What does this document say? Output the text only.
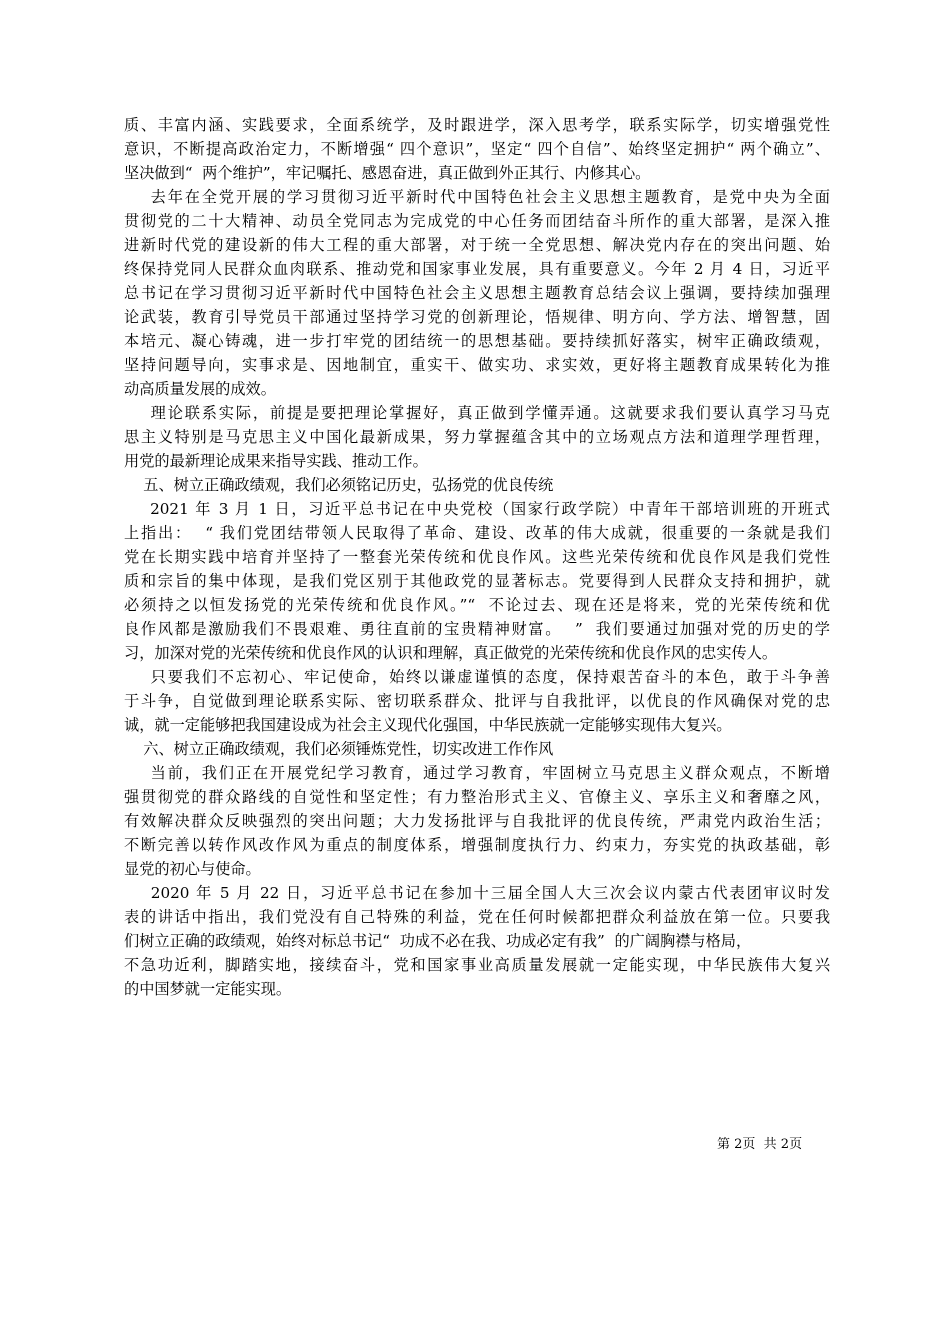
质、丰富内涵、实践要求，全面系统学，及时跟进学，深入思考学，联系实际学，切实增强党性
意识，不断提高政治定力，不断增强“ 四个意识”，坚定“ 四个自信”、始终坚定拥护“ 两个确立”、
坚决做到“  两个维护”，牢记嘱托、感恩奋进，真正做到外正其行、内修其心。
去年在全党开展的学习贯彻习近平新时代中国特色社会主义思想主题教育，是党中央为全面
贯彻党的二十大精神、动员全党同志为完成党的中心任务而团结奋斗所作的重大部署，是深入推
进新时代党的建设新的伟大工程的重大部署，对于统一全党思想、解决党内存在的突出问题、始
终保持党同人民群众血肉联系、推动党和国家事业发展，具有重要意义。今年 2 月 4 日，习近平
总书记在学习贯彻习近平新时代中国特色社会主义思想主题教育总结会议上强调，要持续加强理
论武装，教育引导党员干部通过坚持学习党的创新理论，悟规律、明方向、学方法、增智慧，固
本培元、凝心铸魂，进一步打牢党的团结统一的思想基础。要持续抓好落实，树牢正确政绩观，
坚持问题导向，实事求是、因地制宜，重实干、做实功、求实效，更好将主题教育成果转化为推
动高质量发展的成效。
理论联系实际，前提是要把理论掌握好，真正做到学懂弄通。这就要求我们要认真学习马克
思主义特别是马克思主义中国化最新成果，努力掌握蕴含其中的立场观点方法和道理学理哲理，
用党的最新理论成果来指导实践、推动工作。
五、树立正确政绩观，我们必须铭记历史，弘扬党的优良传统
2021 年 3 月 1 日，习近平总书记在中央党校（国家行政学院）中青年干部培训班的开班式
上指出：  “ 我们党团结带领人民取得了革命、建设、改革的伟大成就，很重要的一条就是我们
党在长期实践中培育并坚持了一整套光荣传统和优良作风。这些光荣传统和优良作风是我们党性
质和宗旨的集中体现，是我们党区别于其他政党的显著标志。党要得到人民群众支持和拥护，就
必须持之以恒发扬党的光荣传统和优良作风。”“  不论过去、现在还是将来，党的光荣传统和优
良作风都是激励我们不畏艰难、勇往直前的宝贵精神财富。  ”  我们要通过加强对党的历史的学
习，加深对党的光荣传统和优良作风的认识和理解，真正做党的光荣传统和优良作风的忠实传人。
只要我们不忘初心、牢记使命，始终以谦虚谨慎的态度，保持艰苦奋斗的本色，敢于斗争善
于斗争，自觉做到理论联系实际、密切联系群众、批评与自我批评，以优良的作风确保对党的忠
诚，就一定能够把我国建设成为社会主义现代化强国，中华民族就一定能够实现伟大复兴。
六、树立正确政绩观，我们必须锤炼党性，切实改进工作作风
当前，我们正在开展党纪学习教育，通过学习教育，牢固树立马克思主义群众观点，不断增
强贯彻党的群众路线的自觉性和坚定性；有力整治形式主义、官僚主义、享乐主义和奢靡之风，
有效解决群众反映强烈的突出问题；大力发扬批评与自我批评的优良传统，严肃党内政治生活；
不断完善以转作风改作风为重点的制度体系，增强制度执行力、约束力，夯实党的执政基础，彰
显党的初心与使命。
2020 年 5 月 22 日，习近平总书记在参加十三届全国人大三次会议内蒙古代表团审议时发
表的讲话中指出，我们党没有自己特殊的利益，党在任何时候都把群众利益放在第一位。只要我
们树立正确的政绩观，始终对标总书记“  功成不必在我、功成必定有我”  的广阔胸襟与格局，
不急功近利，脚踏实地，接续奋斗，党和国家事业高质量发展就一定能实现，中华民族伟大复兴
的中国梦就一定能实现。
第 2页  共 2页
